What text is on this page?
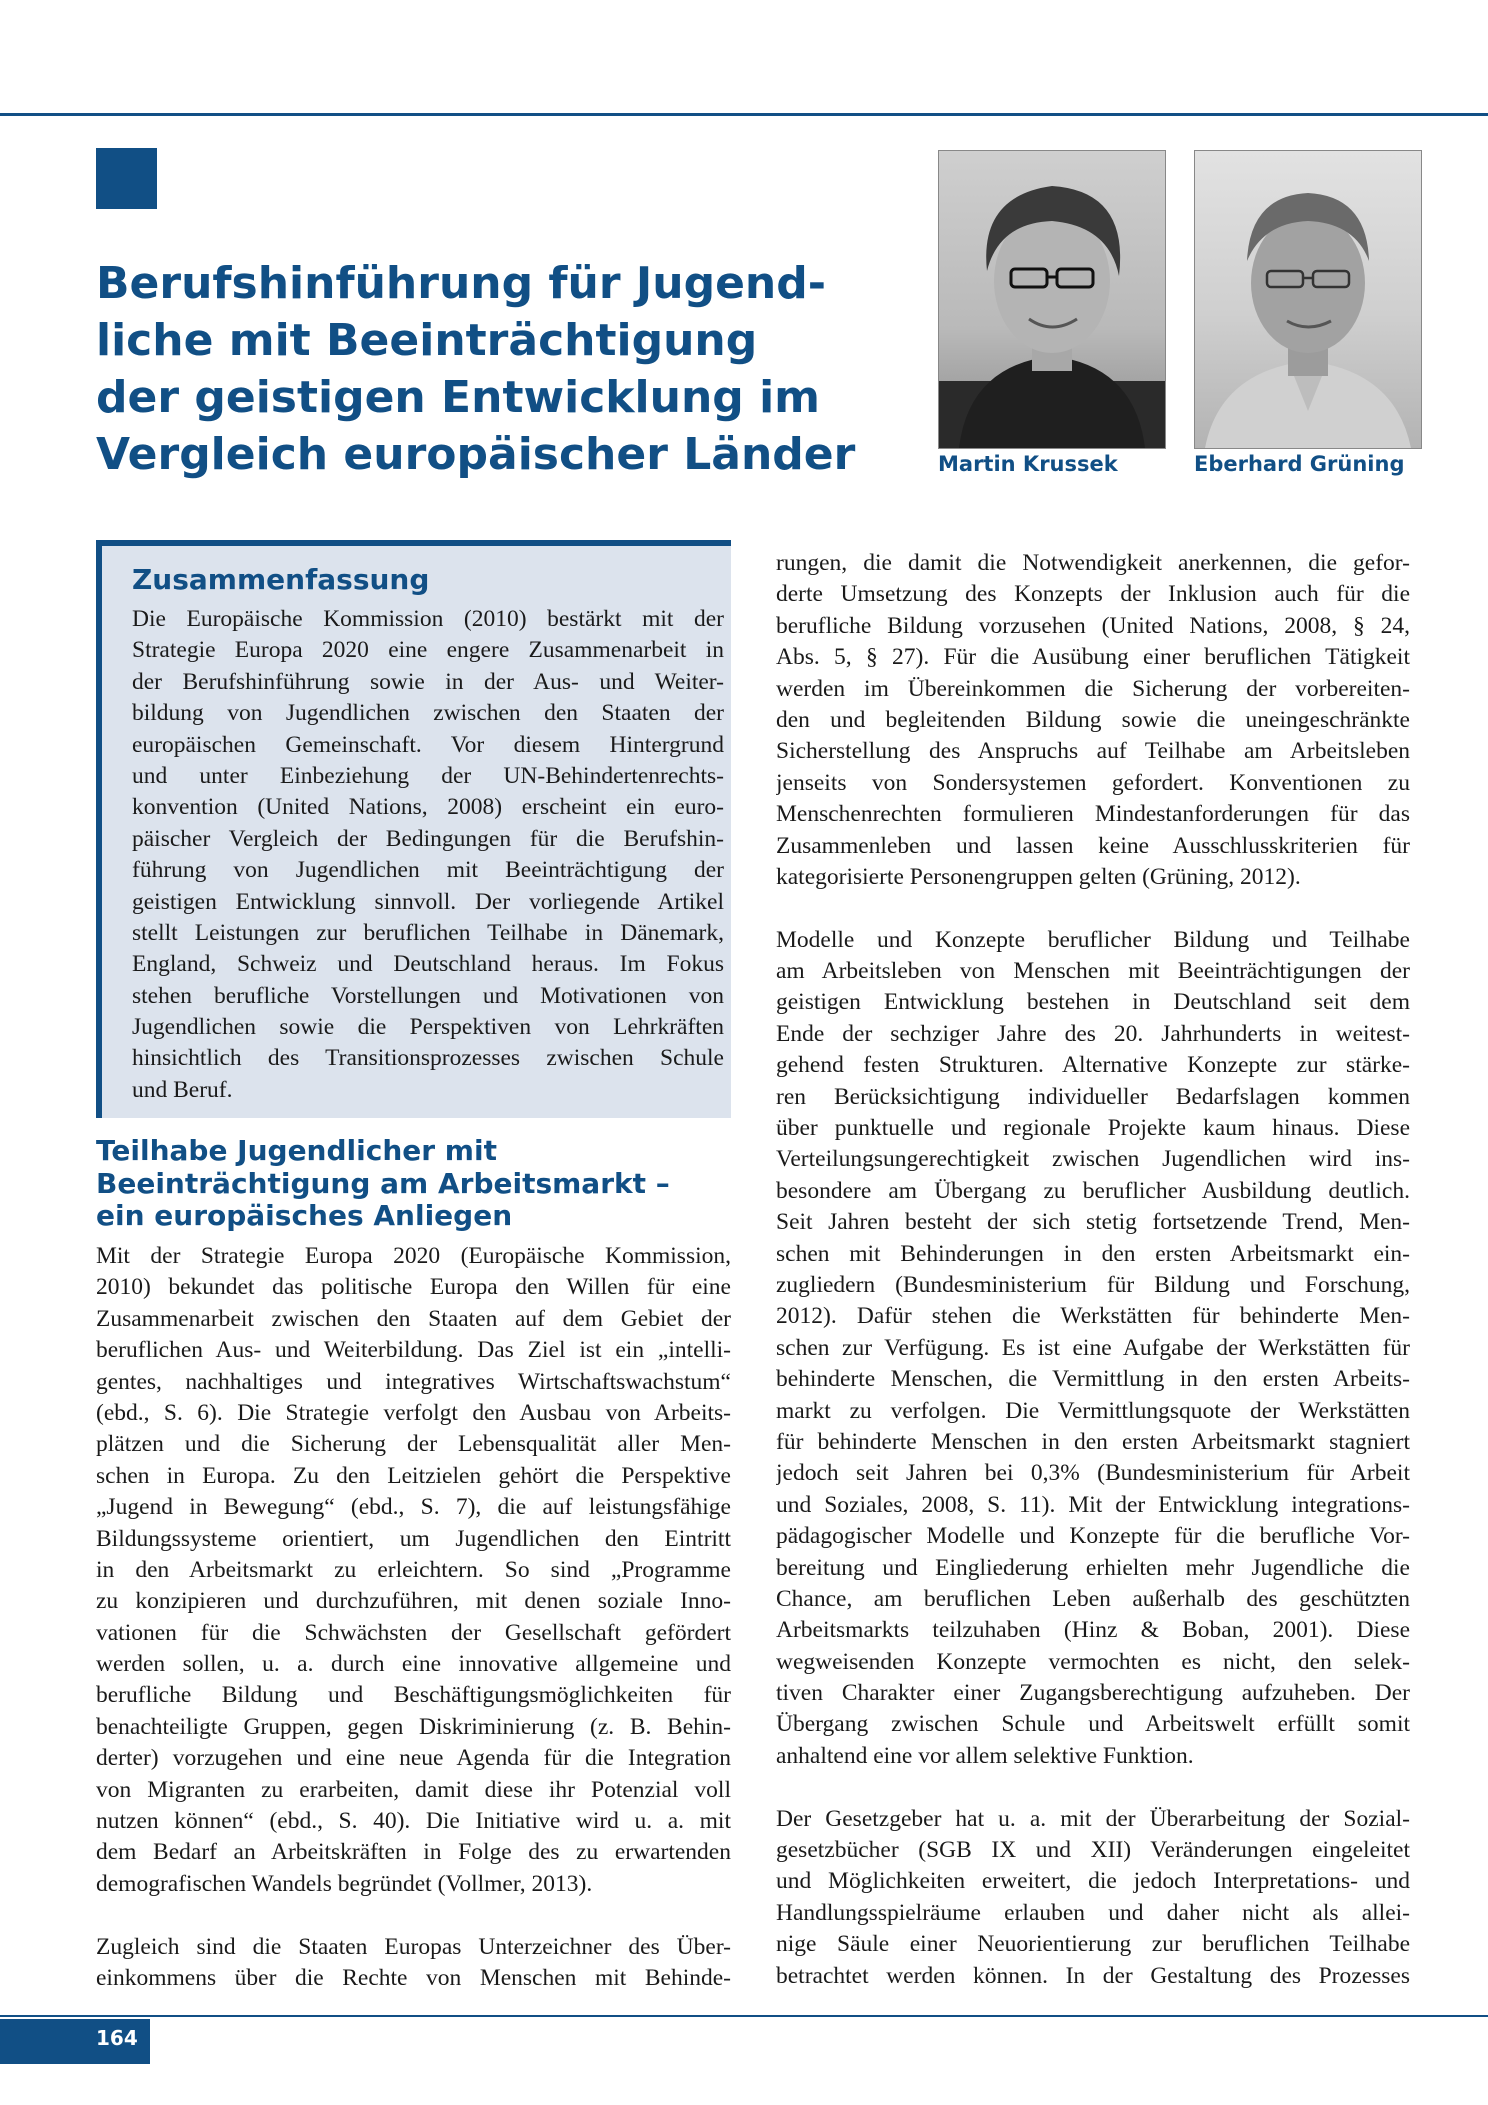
Berufshinführung für Jugend-
liche mit Beeinträchtigung
der geistigen Entwicklung im
Vergleich europäischer Länder	Martin Krussek	Eberhard Grüning
Zusammenfassung
Die Europäische Kommission (2010) bestärkt mit der
Strategie Europa 2020 eine engere Zusammenarbeit in
der Berufshinführung sowie in der Aus- und Weiter-
bildung von Jugendlichen zwischen den Staaten der
europäischen Gemeinschaft. Vor diesem Hintergrund
und unter Einbeziehung der UN-Behindertenrechts-
konvention (United Nations, 2008) erscheint ein euro-
päischer Vergleich der Bedingungen für die Berufshin-
führung von Jugendlichen mit Beeinträchtigung der
geistigen Entwicklung sinnvoll. Der vorliegende Artikel
stellt Leistungen zur beruflichen Teilhabe in Dänemark,
England, Schweiz und Deutschland heraus. Im Fokus
stehen berufliche Vorstellungen und Motivationen von
Jugendlichen sowie die Perspektiven von Lehrkräften
hinsichtlich des Transitionsprozesses zwischen Schule
und Beruf.
Teilhabe Jugendlicher mit
Beeinträchtigung am Arbeitsmarkt –
ein europäisches Anliegen
Mit der Strategie Europa 2020 (Europäische Kommission,
2010) bekundet das politische Europa den Willen für eine
Zusammenarbeit zwischen den Staaten auf dem Gebiet der
beruflichen Aus- und Weiterbildung. Das Ziel ist ein „intelli-
gentes, nachhaltiges und integratives Wirtschaftswachstum“
(ebd., S. 6). Die Strategie verfolgt den Ausbau von Arbeits-
plätzen und die Sicherung der Lebensqualität aller Men-
schen in Europa. Zu den Leitzielen gehört die Perspektive
„Jugend in Bewegung“ (ebd., S. 7), die auf leistungsfähige
Bildungssysteme orientiert, um Jugendlichen den Eintritt
in den Arbeitsmarkt zu erleichtern. So sind „Programme
zu konzipieren und durchzuführen, mit denen soziale Inno-
vationen für die Schwächsten der Gesellschaft gefördert
werden sollen, u. a. durch eine innovative allgemeine und
berufliche Bildung und Beschäftigungsmöglichkeiten für
benachteiligte Gruppen, gegen Diskriminierung (z. B. Behin-
derter) vorzugehen und eine neue Agenda für die Integration
von Migranten zu erarbeiten, damit diese ihr Potenzial voll
nutzen können“ (ebd., S. 40). Die Initiative wird u. a. mit
dem Bedarf an Arbeitskräften in Folge des zu erwartenden
demografischen Wandels begründet (Vollmer, 2013).
Zugleich sind die Staaten Europas Unterzeichner des Über-
einkommens über die Rechte von Menschen mit Behinde-
rungen, die damit die Notwendigkeit anerkennen, die gefor-
derte Umsetzung des Konzepts der Inklusion auch für die
berufliche Bildung vorzusehen (United Nations, 2008, § 24,
Abs. 5, § 27). Für die Ausübung einer beruflichen Tätigkeit
werden im Übereinkommen die Sicherung der vorbereiten-
den und begleitenden Bildung sowie die uneingeschränkte
Sicherstellung des Anspruchs auf Teilhabe am Arbeitsleben
jenseits von Sondersystemen gefordert. Konventionen zu
Menschenrechten formulieren Mindestanforderungen für das
Zusammenleben und lassen keine Ausschlusskriterien für
kategorisierte Personengruppen gelten (Grüning, 2012).
Modelle und Konzepte beruflicher Bildung und Teilhabe
am Arbeitsleben von Menschen mit Beeinträchtigungen der
geistigen Entwicklung bestehen in Deutschland seit dem
Ende der sechziger Jahre des 20. Jahrhunderts in weitest-
gehend festen Strukturen. Alternative Konzepte zur stärke-
ren Berücksichtigung individueller Bedarfslagen kommen
über punktuelle und regionale Projekte kaum hinaus. Diese
Verteilungsungerechtigkeit zwischen Jugendlichen wird ins-
besondere am Übergang zu beruflicher Ausbildung deutlich.
Seit Jahren besteht der sich stetig fortsetzende Trend, Men-
schen mit Behinderungen in den ersten Arbeitsmarkt ein-
zugliedern (Bundesministerium für Bildung und Forschung,
2012). Dafür stehen die Werkstätten für behinderte Men-
schen zur Verfügung. Es ist eine Aufgabe der Werkstätten für
behinderte Menschen, die Vermittlung in den ersten Arbeits-
markt zu verfolgen. Die Vermittlungsquote der Werkstätten
für behinderte Menschen in den ersten Arbeitsmarkt stagniert
jedoch seit Jahren bei 0,3% (Bundesministerium für Arbeit
und Soziales, 2008, S. 11). Mit der Entwicklung integrations-
pädagogischer Modelle und Konzepte für die berufliche Vor-
bereitung und Eingliederung erhielten mehr Jugendliche die
Chance, am beruflichen Leben außerhalb des geschützten
Arbeitsmarkts teilzuhaben (Hinz & Boban, 2001). Diese
wegweisenden Konzepte vermochten es nicht, den selek-
tiven Charakter einer Zugangsberechtigung aufzuheben. Der
Übergang zwischen Schule und Arbeitswelt erfüllt somit
anhaltend eine vor allem selektive Funktion.
Der Gesetzgeber hat u. a. mit der Überarbeitung der Sozial-
gesetzbücher (SGB IX und XII) Veränderungen eingeleitet
und Möglichkeiten erweitert, die jedoch Interpretations- und
Handlungsspielräume erlauben und daher nicht als allei-
nige Säule einer Neuorientierung zur beruflichen Teilhabe
betrachtet werden können. In der Gestaltung des Prozesses
164
